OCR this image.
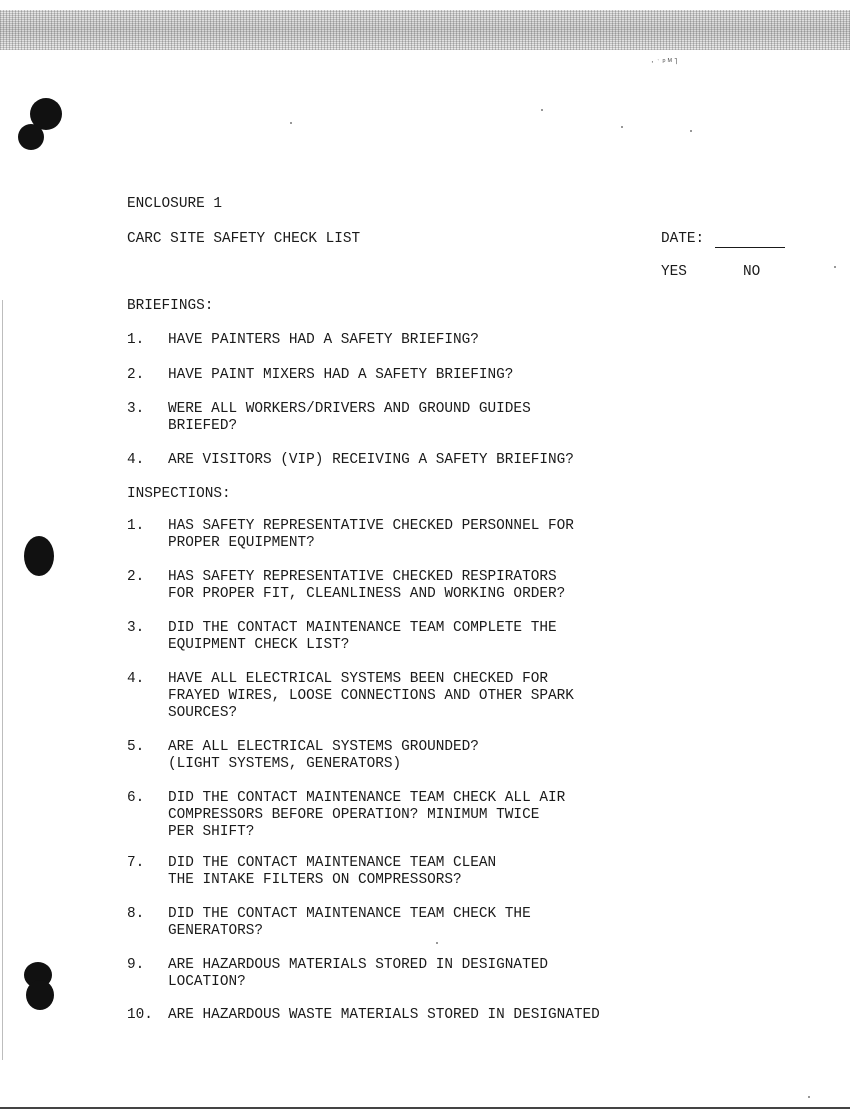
·ˑᵖᴹ˥
ENCLOSURE 1
CARC SITE SAFETY CHECK LIST	DATE:
YES	NO
BRIEFINGS:
1. HAVE PAINTERS HAD A SAFETY BRIEFING?
2. HAVE PAINT MIXERS HAD A SAFETY BRIEFING?
3. WERE ALL WORKERS/DRIVERS AND GROUND GUIDES
BRIEFED?
4. ARE VISITORS (VIP) RECEIVING A SAFETY BRIEFING?
INSPECTIONS:
1. HAS SAFETY REPRESENTATIVE CHECKED PERSONNEL FOR
PROPER EQUIPMENT?
2. HAS SAFETY REPRESENTATIVE CHECKED RESPIRATORS
FOR PROPER FIT, CLEANLINESS AND WORKING ORDER?
3. DID THE CONTACT MAINTENANCE TEAM COMPLETE THE
EQUIPMENT CHECK LIST?
4. HAVE ALL ELECTRICAL SYSTEMS BEEN CHECKED FOR
FRAYED WIRES, LOOSE CONNECTIONS AND OTHER SPARK
SOURCES?
5. ARE ALL ELECTRICAL SYSTEMS GROUNDED?
(LIGHT SYSTEMS, GENERATORS)
6. DID THE CONTACT MAINTENANCE TEAM CHECK ALL AIR
COMPRESSORS BEFORE OPERATION? MINIMUM TWICE
PER SHIFT?
7. DID THE CONTACT MAINTENANCE TEAM CLEAN
THE INTAKE FILTERS ON COMPRESSORS?
8. DID THE CONTACT MAINTENANCE TEAM CHECK THE
GENERATORS?
9. ARE HAZARDOUS MATERIALS STORED IN DESIGNATED
LOCATION?
10. ARE HAZARDOUS WASTE MATERIALS STORED IN DESIGNATED
